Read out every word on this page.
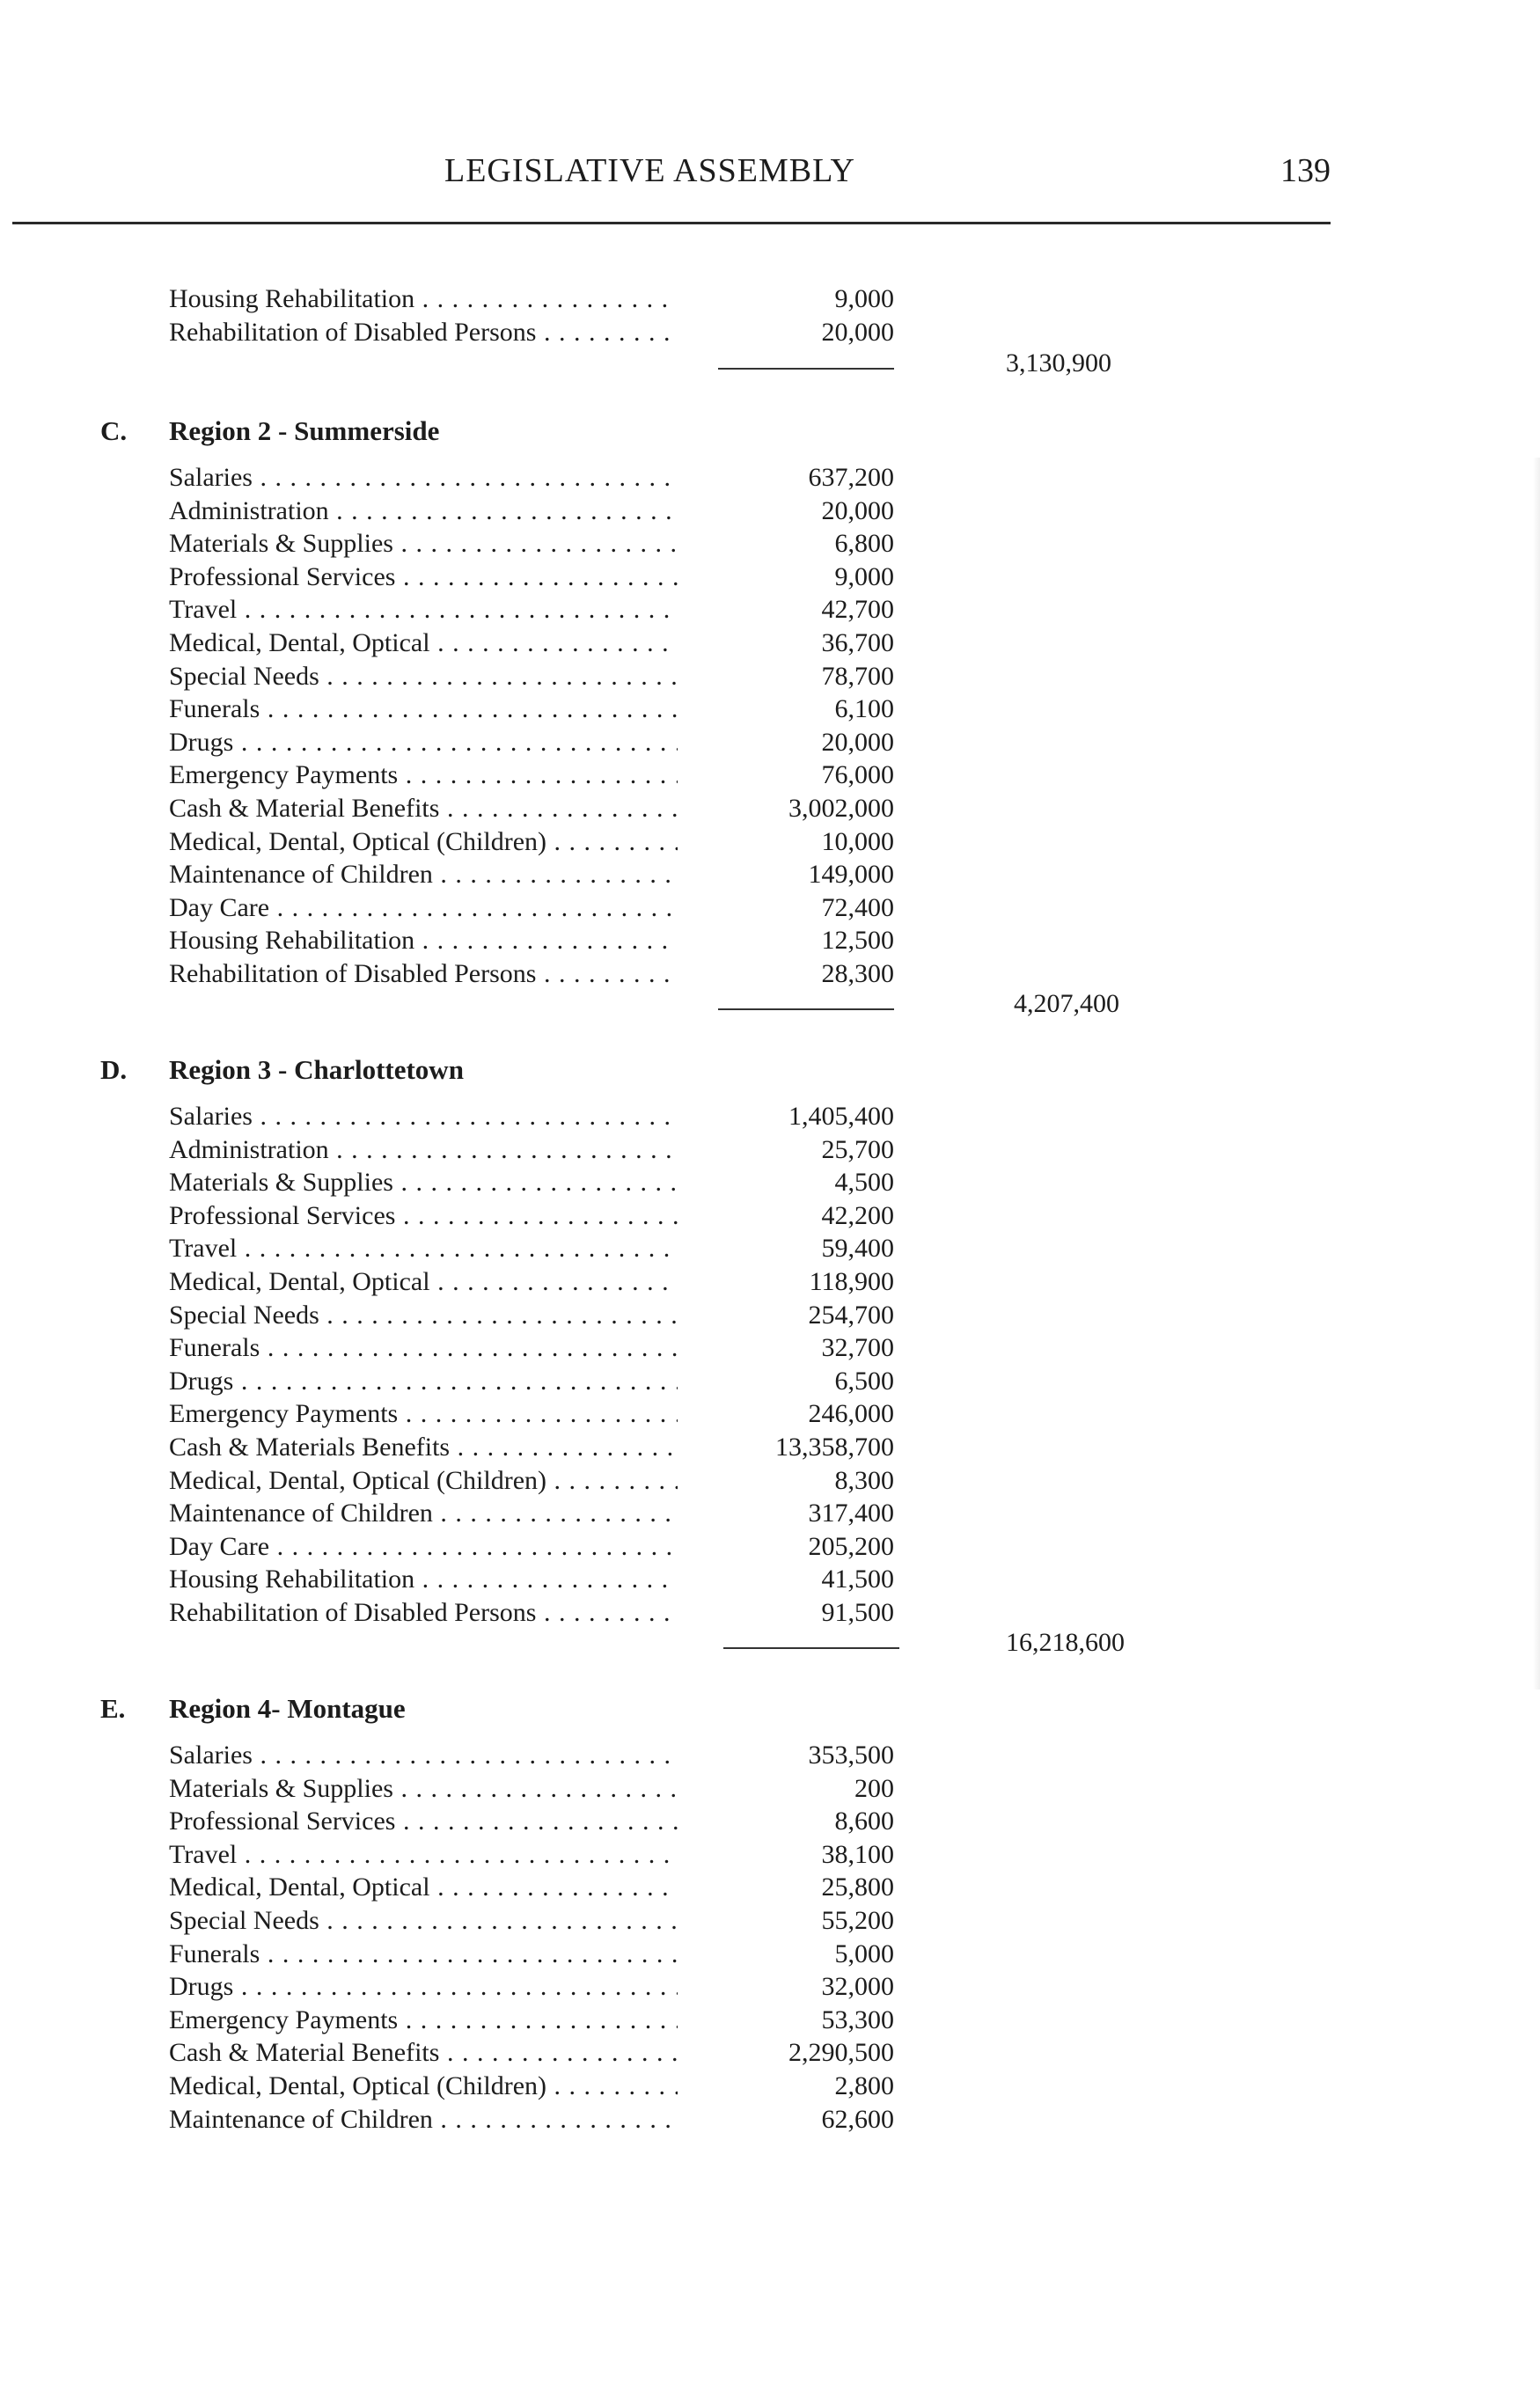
LEGISLATIVE ASSEMBLY	139
Housing Rehabilitation . . .	9,000
Rehabilitation of Disabled Persons . . .	20,000
3,130,900
C. Region 2 - Summerside
Salaries . . .	637,200
Administration . . .	20,000
Materials & Supplies . . .	6,800
Professional Services . . .	9,000
Travel . . .	42,700
Medical, Dental, Optical . . .	36,700
Special Needs . . .	78,700
Funerals . . .	6,100
Drugs . . .	20,000
Emergency Payments . . .	76,000
Cash & Material Benefits . . .	3,002,000
Medical, Dental, Optical (Children) . . .	10,000
Maintenance of Children . . .	149,000
Day Care . . .	72,400
Housing Rehabilitation . . .	12,500
Rehabilitation of Disabled Persons . . .	28,300
4,207,400
D. Region 3 - Charlottetown
Salaries . . .	1,405,400
Administration . . .	25,700
Materials & Supplies . . .	4,500
Professional Services . . .	42,200
Travel . . .	59,400
Medical, Dental, Optical . . .	118,900
Special Needs . . .	254,700
Funerals . . .	32,700
Drugs . . .	6,500
Emergency Payments . . .	246,000
Cash & Materials Benefits . . .	13,358,700
Medical, Dental, Optical (Children) . . .	8,300
Maintenance of Children . . .	317,400
Day Care . . .	205,200
Housing Rehabilitation . . .	41,500
Rehabilitation of Disabled Persons . . .	91,500
16,218,600
E. Region 4- Montague
Salaries . . .	353,500
Materials & Supplies . . .	200
Professional Services . . .	8,600
Travel . . .	38,100
Medical, Dental, Optical . . .	25,800
Special Needs . . .	55,200
Funerals . . .	5,000
Drugs . . .	32,000
Emergency Payments . . .	53,300
Cash & Material Benefits . . .	2,290,500
Medical, Dental, Optical (Children) . . .	2,800
Maintenance of Children . . .	62,600
